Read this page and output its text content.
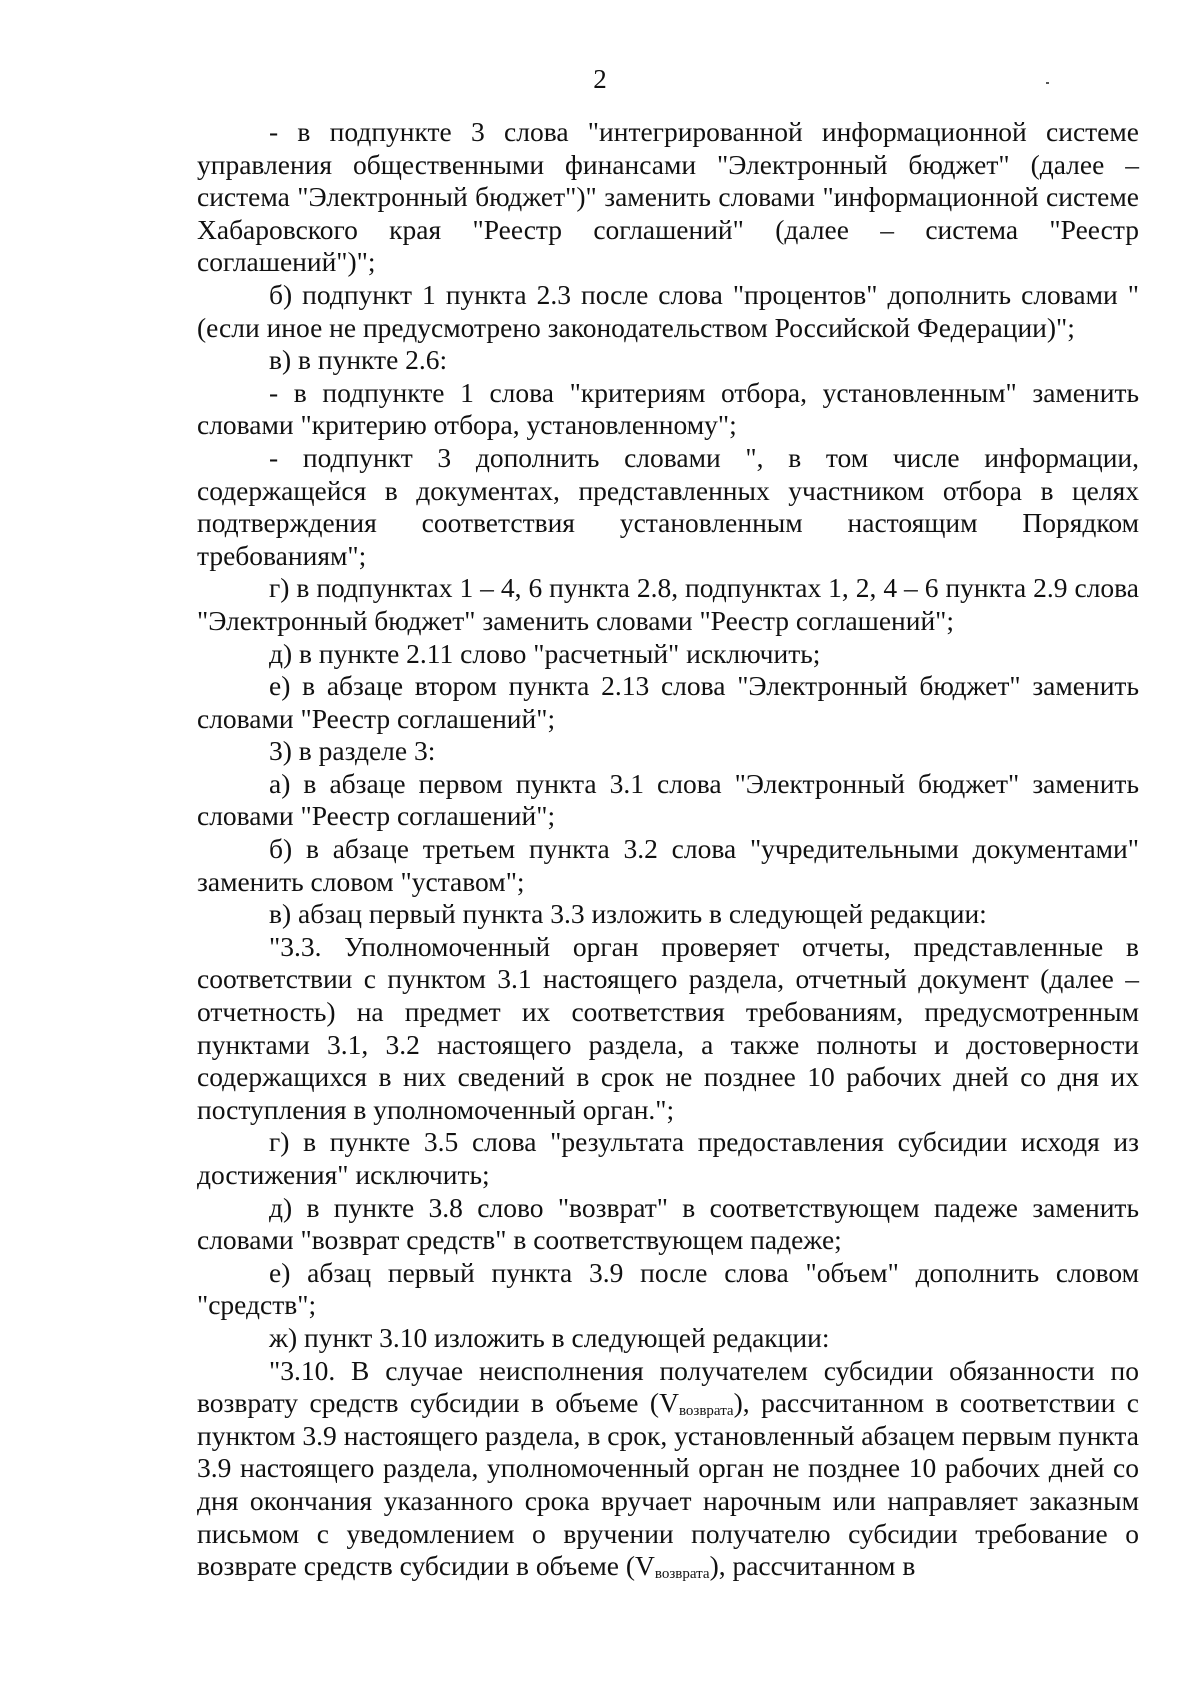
2

- в подпункте 3 слова "интегрированной информационной системе управления общественными финансами "Электронный бюджет" (далее – система "Электронный бюджет")" заменить словами "информационной системе Хабаровского края "Реестр соглашений" (далее – система "Реестр соглашений")";

б) подпункт 1 пункта 2.3 после слова "процентов" дополнить словами "(если иное не предусмотрено законодательством Российской Федерации)";

в) в пункте 2.6:

- в подпункте 1 слова "критериям отбора, установленным" заменить словами "критерию отбора, установленному";

- подпункт 3 дополнить словами ", в том числе информации, содержащейся в документах, представленных участником отбора в целях подтверждения соответствия установленным настоящим Порядком требованиям";

г) в подпунктах 1 – 4, 6 пункта 2.8, подпунктах 1, 2, 4 – 6 пункта 2.9 слова "Электронный бюджет" заменить словами "Реестр соглашений";

д) в пункте 2.11 слово "расчетный" исключить;

е) в абзаце втором пункта 2.13 слова "Электронный бюджет" заменить словами "Реестр соглашений";

3) в разделе 3:

а) в абзаце первом пункта 3.1 слова "Электронный бюджет" заменить словами "Реестр соглашений";

б) в абзаце третьем пункта 3.2 слова "учредительными документами" заменить словом "уставом";

в) абзац первый пункта 3.3 изложить в следующей редакции:

"3.3. Уполномоченный орган проверяет отчеты, представленные в соответствии с пунктом 3.1 настоящего раздела, отчетный документ (далее – отчетность) на предмет их соответствия требованиям, предусмотренным пунктами 3.1, 3.2 настоящего раздела, а также полноты и достоверности содержащихся в них сведений в срок не позднее 10 рабочих дней со дня их поступления в уполномоченный орган.";

г) в пункте 3.5 слова "результата предоставления субсидии исходя из достижения" исключить;

д) в пункте 3.8 слово "возврат" в соответствующем падеже заменить словами "возврат средств" в соответствующем падеже;

е) абзац первый пункта 3.9 после слова "объем" дополнить словом "средств";

ж) пункт 3.10 изложить в следующей редакции:

"3.10. В случае неисполнения получателем субсидии обязанности по возврату средств субсидии в объеме $(V_{возврата})$, рассчитанном в соответствии с пунктом 3.9 настоящего раздела, в срок, установленный абзацем первым пункта 3.9 настоящего раздела, уполномоченный орган не позднее 10 рабочих дней со дня окончания указанного срока вручает нарочным или направляет заказным письмом с уведомлением о вручении получателю субсидии требование о возврате средств субсидии в объеме $(V_{возврата})$, рассчитанном в
